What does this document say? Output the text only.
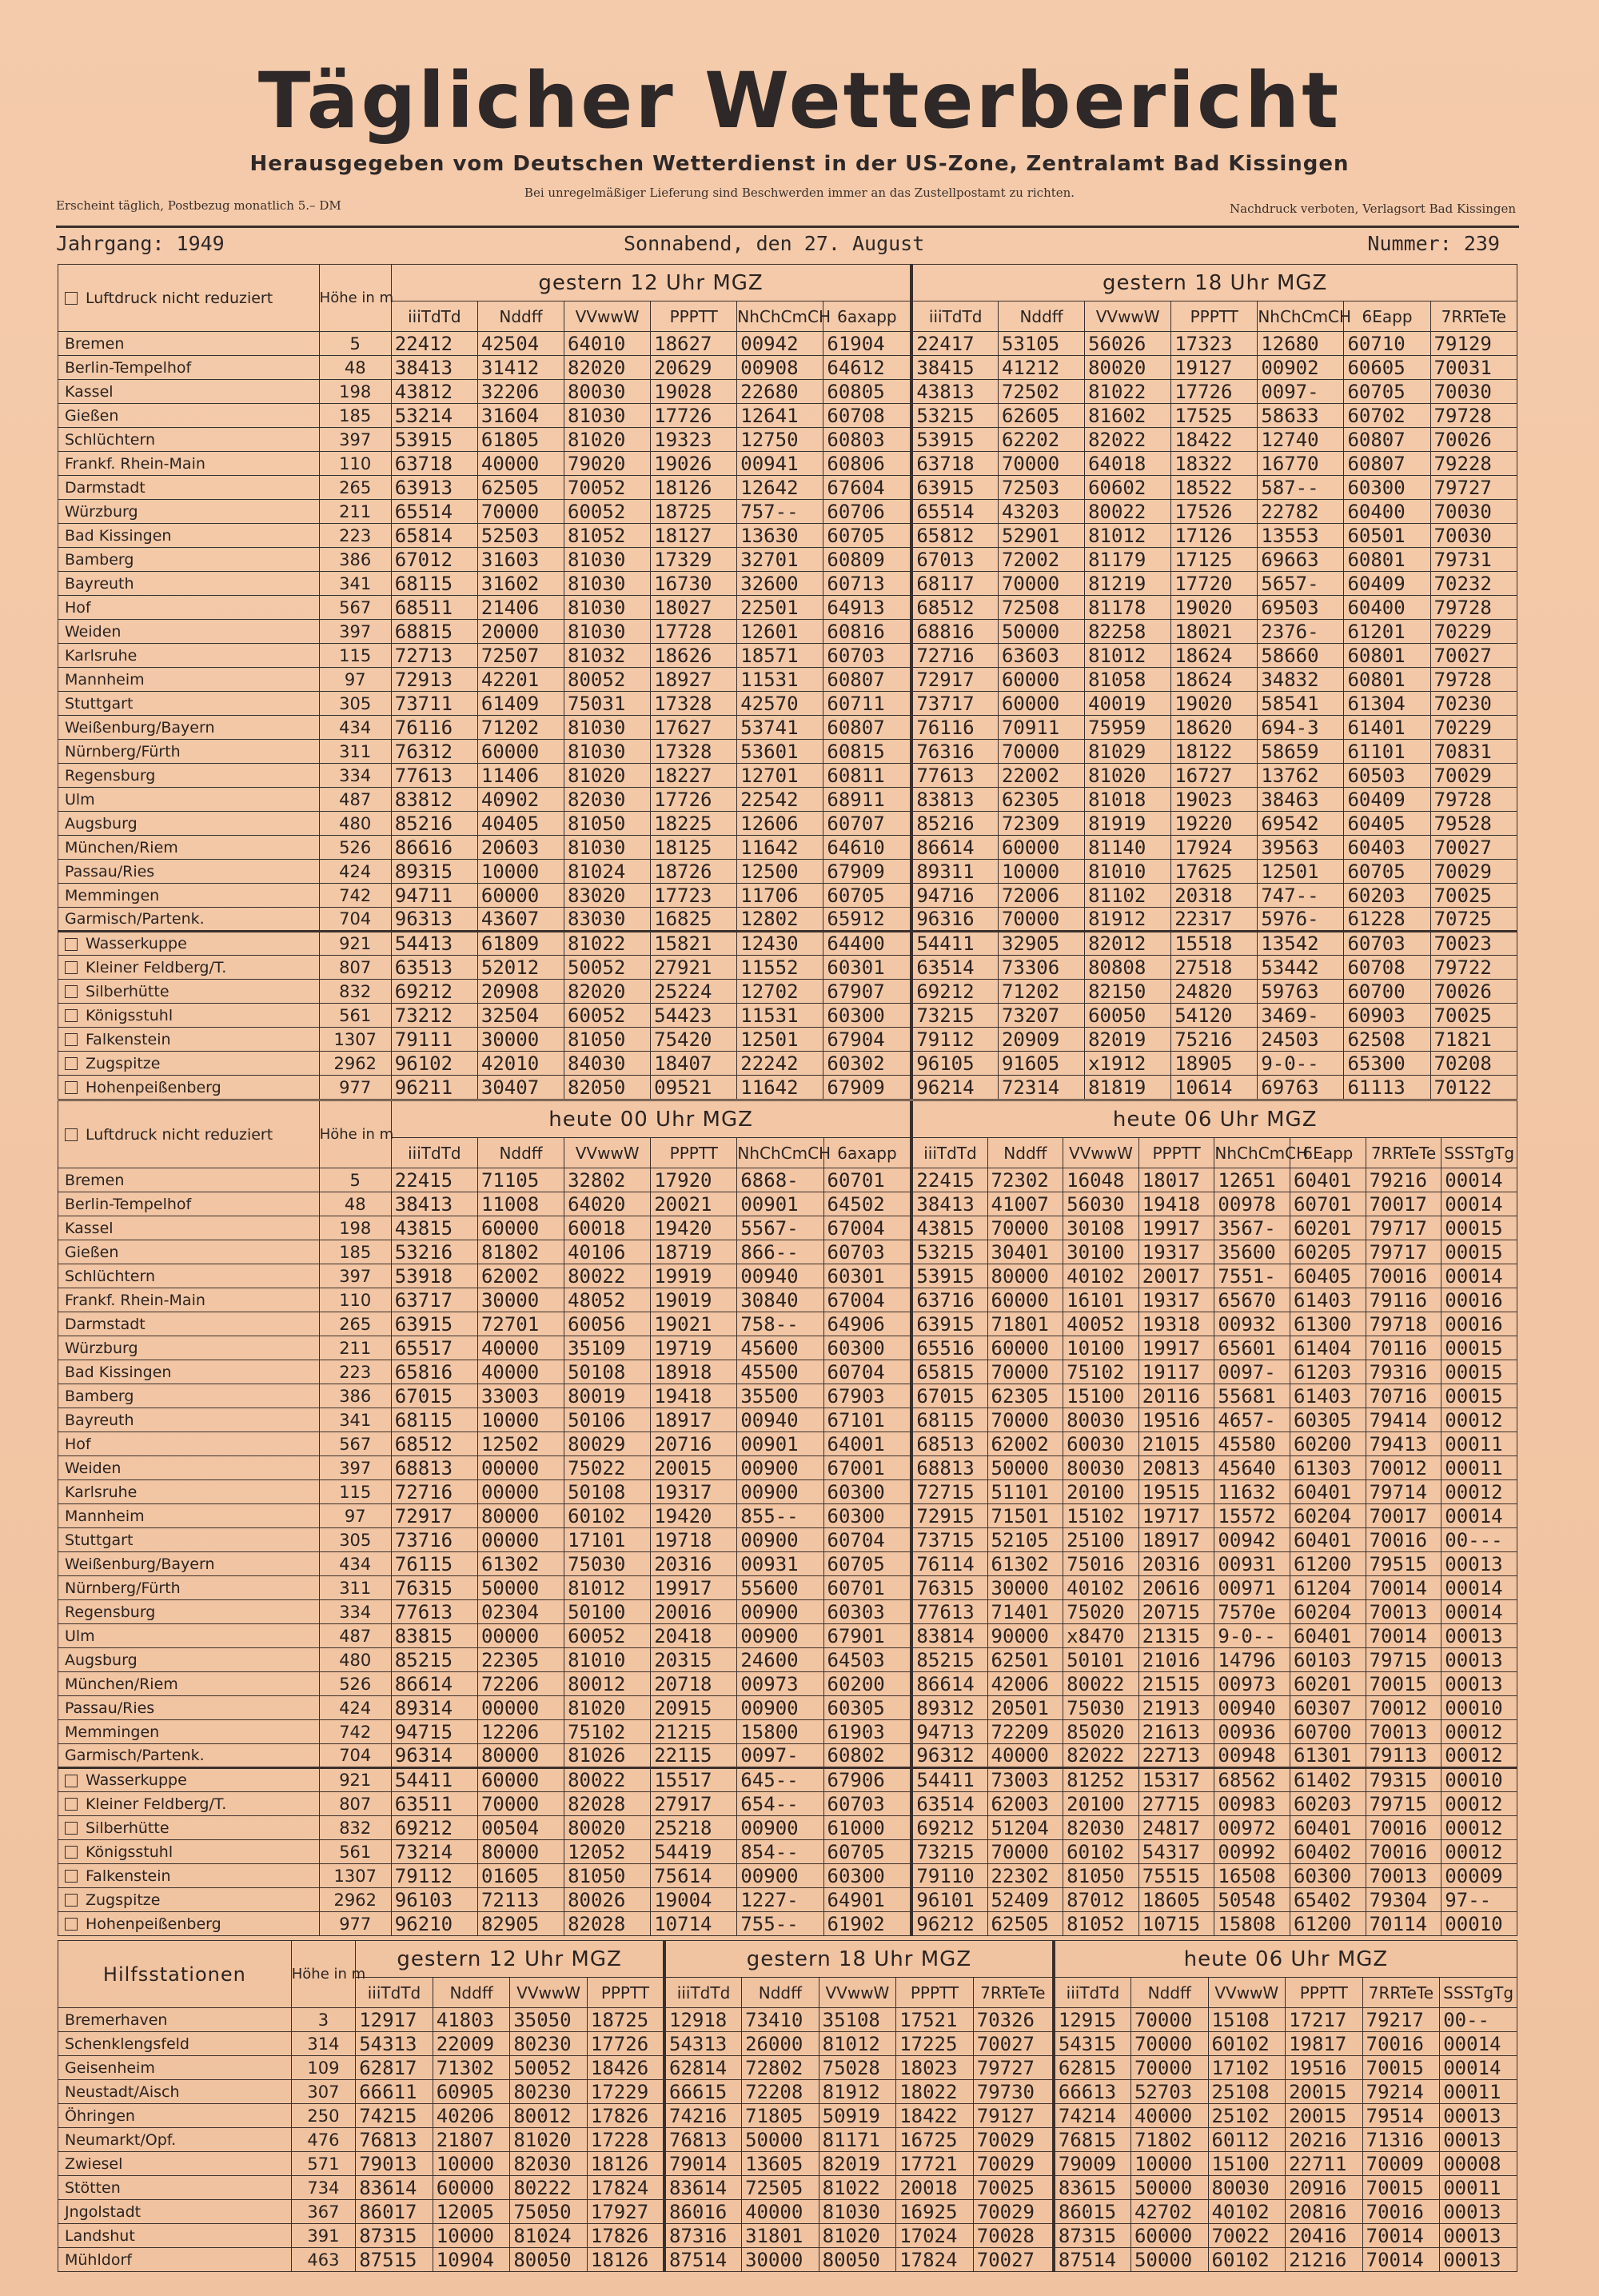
Täglicher Wetterbericht
Herausgegeben vom Deutschen Wetterdienst in der US-Zone, Zentralamt Bad Kissingen
Erscheint täglich, Postbezug monatlich 5.– DM
Bei unregelmäßiger Lieferung sind Beschwerden immer an das Zustellpostamt zu richten.
Nachdruck verboten, Verlagsort Bad Kissingen
Jahrgang: 1949	Sonnabend, den 27. August	Nummer: 239
Luftdruck nicht reduziert	Höhe in m	gestern 12 Uhr MGZ						gestern 18 Uhr MGZ						
		iiiTdTd	Nddff	VVwwW	PPPTT	NhChCmCH	6axapp	iiiTdTd	Nddff	VVwwW	PPPTT	NhChCmCH	6Eapp	7RRTeTe
Bremen	5	22412	42504	64010	18627	00942	61904	22417	53105	56026	17323	12680	60710	79129
Berlin-Tempelhof	48	38413	31412	82020	20629	00908	64612	38415	41212	80020	19127	00902	60605	70031
Kassel	198	43812	32206	80030	19028	22680	60805	43813	72502	81022	17726	0097-	60705	70030
Gießen	185	53214	31604	81030	17726	12641	60708	53215	62605	81602	17525	58633	60702	79728
Schlüchtern	397	53915	61805	81020	19323	12750	60803	53915	62202	82022	18422	12740	60807	70026
Frankf. Rhein-Main	110	63718	40000	79020	19026	00941	60806	63718	70000	64018	18322	16770	60807	79228
Darmstadt	265	63913	62505	70052	18126	12642	67604	63915	72503	60602	18522	587--	60300	79727
Würzburg	211	65514	70000	60052	18725	757--	60706	65514	43203	80022	17526	22782	60400	70030
Bad Kissingen	223	65814	52503	81052	18127	13630	60705	65812	52901	81012	17126	13553	60501	70030
Bamberg	386	67012	31603	81030	17329	32701	60809	67013	72002	81179	17125	69663	60801	79731
Bayreuth	341	68115	31602	81030	16730	32600	60713	68117	70000	81219	17720	5657-	60409	70232
Hof	567	68511	21406	81030	18027	22501	64913	68512	72508	81178	19020	69503	60400	79728
Weiden	397	68815	20000	81030	17728	12601	60816	68816	50000	82258	18021	2376-	61201	70229
Karlsruhe	115	72713	72507	81032	18626	18571	60703	72716	63603	81012	18624	58660	60801	70027
Mannheim	97	72913	42201	80052	18927	11531	60807	72917	60000	81058	18624	34832	60801	79728
Stuttgart	305	73711	61409	75031	17328	42570	60711	73717	60000	40019	19020	58541	61304	70230
Weißenburg/Bayern	434	76116	71202	81030	17627	53741	60807	76116	70911	75959	18620	694-3	61401	70229
Nürnberg/Fürth	311	76312	60000	81030	17328	53601	60815	76316	70000	81029	18122	58659	61101	70831
Regensburg	334	77613	11406	81020	18227	12701	60811	77613	22002	81020	16727	13762	60503	70029
Ulm	487	83812	40902	82030	17726	22542	68911	83813	62305	81018	19023	38463	60409	79728
Augsburg	480	85216	40405	81050	18225	12606	60707	85216	72309	81919	19220	69542	60405	79528
München/Riem	526	86616	20603	81030	18125	11642	64610	86614	60000	81140	17924	39563	60403	70027
Passau/Ries	424	89315	10000	81024	18726	12500	67909	89311	10000	81010	17625	12501	60705	70029
Memmingen	742	94711	60000	83020	17723	11706	60705	94716	72006	81102	20318	747--	60203	70025
Garmisch/Partenk.	704	96313	43607	83030	16825	12802	65912	96316	70000	81912	22317	5976-	61228	70725
Wasserkuppe	921	54413	61809	81022	15821	12430	64400	54411	32905	82012	15518	13542	60703	70023
Kleiner Feldberg/T.	807	63513	52012	50052	27921	11552	60301	63514	73306	80808	27518	53442	60708	79722
Silberhütte	832	69212	20908	82020	25224	12702	67907	69212	71202	82150	24820	59763	60700	70026
Königsstuhl	561	73212	32504	60052	54423	11531	60300	73215	73207	60050	54120	3469-	60903	70025
Falkenstein	1307	79111	30000	81050	75420	12501	67904	79112	20909	82019	75216	24503	62508	71821
Zugspitze	2962	96102	42010	84030	18407	22242	60302	96105	91605	x1912	18905	9-0--	65300	70208
Hohenpeißenberg	977	96211	30407	82050	09521	11642	67909	96214	72314	81819	10614	69763	61113	70122
Luftdruck nicht reduziert	Höhe in m	heute 00 Uhr MGZ						heute 06 Uhr MGZ							
		iiiTdTd	Nddff	VVwwW	PPPTT	NhChCmCH	6axapp	iiiTdTd	Nddff	VVwwW	PPPTT	NhChCmCH	6Eapp	7RRTeTe	SSSTgTg
Bremen	5	22415	71105	32802	17920	6868-	60701	22415	72302	16048	18017	12651	60401	79216	00014
Berlin-Tempelhof	48	38413	11008	64020	20021	00901	64502	38413	41007	56030	19418	00978	60701	70017	00014
Kassel	198	43815	60000	60018	19420	5567-	67004	43815	70000	30108	19917	3567-	60201	79717	00015
Gießen	185	53216	81802	40106	18719	866--	60703	53215	30401	30100	19317	35600	60205	79717	00015
Schlüchtern	397	53918	62002	80022	19919	00940	60301	53915	80000	40102	20017	7551-	60405	70016	00014
Frankf. Rhein-Main	110	63717	30000	48052	19019	30840	67004	63716	60000	16101	19317	65670	61403	79116	00016
Darmstadt	265	63915	72701	60056	19021	758--	64906	63915	71801	40052	19318	00932	61300	79718	00016
Würzburg	211	65517	40000	35109	19719	45600	60300	65516	60000	10100	19917	65601	61404	70116	00015
Bad Kissingen	223	65816	40000	50108	18918	45500	60704	65815	70000	75102	19117	0097-	61203	79316	00015
Bamberg	386	67015	33003	80019	19418	35500	67903	67015	62305	15100	20116	55681	61403	70716	00015
Bayreuth	341	68115	10000	50106	18917	00940	67101	68115	70000	80030	19516	4657-	60305	79414	00012
Hof	567	68512	12502	80029	20716	00901	64001	68513	62002	60030	21015	45580	60200	79413	00011
Weiden	397	68813	00000	75022	20015	00900	67001	68813	50000	80030	20813	45640	61303	70012	00011
Karlsruhe	115	72716	00000	50108	19317	00900	60300	72715	51101	20100	19515	11632	60401	79714	00012
Mannheim	97	72917	80000	60102	19420	855--	60300	72915	71501	15102	19717	15572	60204	70017	00014
Stuttgart	305	73716	00000	17101	19718	00900	60704	73715	52105	25100	18917	00942	60401	70016	00---
Weißenburg/Bayern	434	76115	61302	75030	20316	00931	60705	76114	61302	75016	20316	00931	61200	79515	00013
Nürnberg/Fürth	311	76315	50000	81012	19917	55600	60701	76315	30000	40102	20616	00971	61204	70014	00014
Regensburg	334	77613	02304	50100	20016	00900	60303	77613	71401	75020	20715	7570e	60204	70013	00014
Ulm	487	83815	00000	60052	20418	00900	67901	83814	90000	x8470	21315	9-0--	60401	70014	00013
Augsburg	480	85215	22305	81010	20315	24600	64503	85215	62501	50101	21016	14796	60103	79715	00013
München/Riem	526	86614	72206	80012	20718	00973	60200	86614	42006	80022	21515	00973	60201	70015	00013
Passau/Ries	424	89314	00000	81020	20915	00900	60305	89312	20501	75030	21913	00940	60307	70012	00010
Memmingen	742	94715	12206	75102	21215	15800	61903	94713	72209	85020	21613	00936	60700	70013	00012
Garmisch/Partenk.	704	96314	80000	81026	22115	0097-	60802	96312	40000	82022	22713	00948	61301	79113	00012
Wasserkuppe	921	54411	60000	80022	15517	645--	67906	54411	73003	81252	15317	68562	61402	79315	00010
Kleiner Feldberg/T.	807	63511	70000	82028	27917	654--	60703	63514	62003	20100	27715	00983	60203	79715	00012
Silberhütte	832	69212	00504	80020	25218	00900	61000	69212	51204	82030	24817	00972	60401	70016	00012
Königsstuhl	561	73214	80000	12052	54419	854--	60705	73215	70000	60102	54317	00992	60402	70016	00012
Falkenstein	1307	79112	01605	81050	75614	00900	60300	79110	22302	81050	75515	16508	60300	70013	00009
Zugspitze	2962	96103	72113	80026	19004	1227-	64901	96101	52409	87012	18605	50548	65402	79304	97--
Hohenpeißenberg	977	96210	82905	82028	10714	755--	61902	96212	62505	81052	10715	15808	61200	70114	00010
Hilfsstationen	Höhe in m	gestern 12 Uhr MGZ				gestern 18 Uhr MGZ					heute 06 Uhr MGZ					
		iiiTdTd	Nddff	VVwwW	PPPTT	iiiTdTd	Nddff	VVwwW	PPPTT	7RRTeTe	iiiTdTd	Nddff	VVwwW	PPPTT	7RRTeTe	SSSTgTg
Bremerhaven	3	12917	41803	35050	18725	12918	73410	35108	17521	70326	12915	70000	15108	17217	79217	00--
Schenklengsfeld	314	54313	22009	80230	17726	54313	26000	81012	17225	70027	54315	70000	60102	19817	70016	00014
Geisenheim	109	62817	71302	50052	18426	62814	72802	75028	18023	79727	62815	70000	17102	19516	70015	00014
Neustadt/Aisch	307	66611	60905	80230	17229	66615	72208	81912	18022	79730	66613	52703	25108	20015	79214	00011
Öhringen	250	74215	40206	80012	17826	74216	71805	50919	18422	79127	74214	40000	25102	20015	79514	00013
Neumarkt/Opf.	476	76813	21807	81020	17228	76813	50000	81171	16725	70029	76815	71802	60112	20216	71316	00013
Zwiesel	571	79013	10000	82030	18126	79014	13605	82019	17721	70029	79009	10000	15100	22711	70009	00008
Stötten	734	83614	60000	80222	17824	83614	72505	81022	20018	70025	83615	50000	80030	20916	70015	00011
Jngolstadt	367	86017	12005	75050	17927	86016	40000	81030	16925	70029	86015	42702	40102	20816	70016	00013
Landshut	391	87315	10000	81024	17826	87316	31801	81020	17024	70028	87315	60000	70022	20416	70014	00013
Mühldorf	463	87515	10904	80050	18126	87514	30000	80050	17824	70027	87514	50000	60102	21216	70014	00013
